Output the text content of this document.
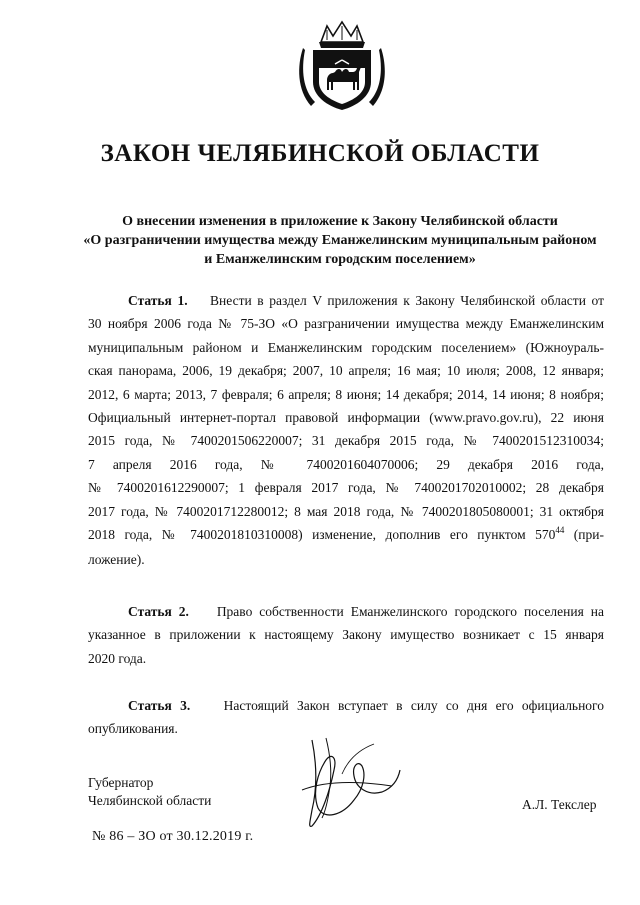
ЗАКОН ЧЕЛЯБИНСКОЙ ОБЛАСТИ
О внесении изменения в приложение к Закону Челябинской области
«О разграничении имущества между Еманжелинским муниципальным районом
и Еманжелинским городским поселением»
Статья 1. Внести в раздел V приложения к Закону Челябинской области от
30 ноября 2006 года № 75-ЗО «О разграничении имущества между Еманжелинским
муниципальным районом и Еманжелинским городским поселением» (Южноураль-
ская панорама, 2006, 19 декабря; 2007, 10 апреля; 16 мая; 10 июля; 2008, 12 января;
2012, 6 марта; 2013, 7 февраля; 6 апреля; 8 июня; 14 декабря; 2014, 14 июня; 8 ноября;
Официальный интернет-портал правовой информации (www.pravo.gov.ru), 22 июня
2015 года, № 7400201506220007; 31 декабря 2015 года, № 7400201512310034;
7 апреля 2016 года, № 7400201604070006; 29 декабря 2016 года,
№ 7400201612290007; 1 февраля 2017 года, № 7400201702010002; 28 декабря
2017 года, № 7400201712280012; 8 мая 2018 года, № 7400201805080001; 31 октября
2018 года, № 7400201810310008) изменение, дополнив его пунктом $570^{44}$ (при-
ложение).
Статья 2. Право собственности Еманжелинского городского поселения на
указанное в приложении к настоящему Закону имущество возникает с 15 января
2020 года.
Статья 3. Настоящий Закон вступает в силу со дня его официального
опубликования.
Губернатор
Челябинской области	А.Л. Текслер
№ 86 – ЗО от 30.12.2019 г.
